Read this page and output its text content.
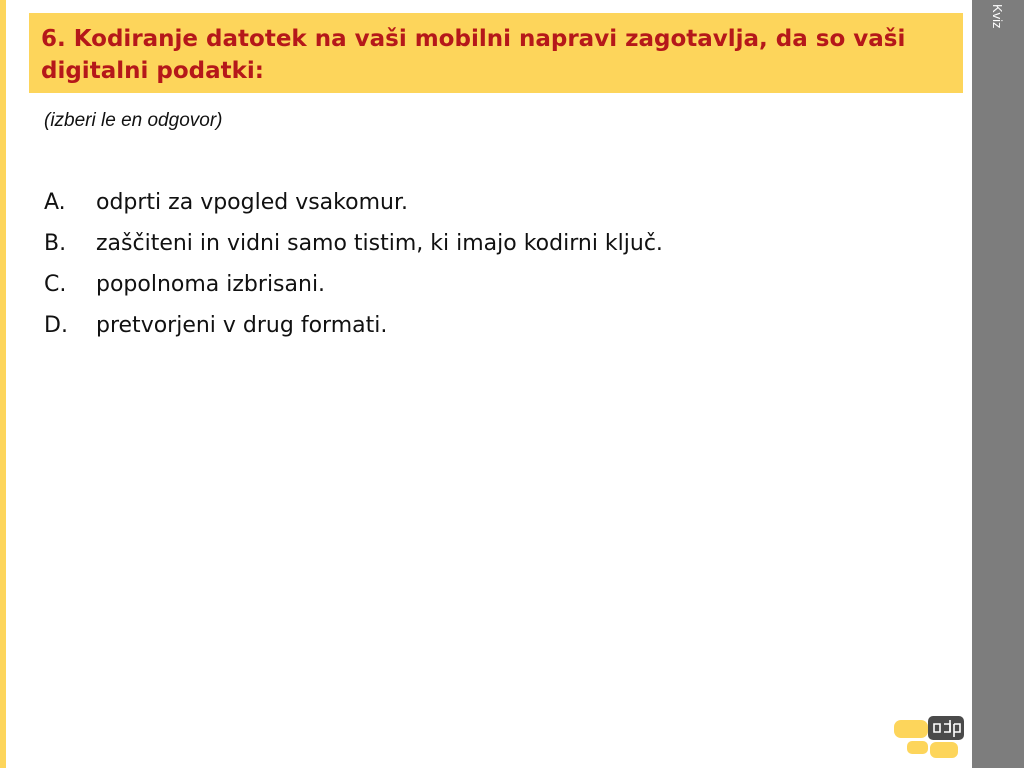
Kviz
6. Kodiranje datotek na vaši mobilni napravi zagotavlja, da so vaši digitalni podatki:

(izberi le en odgovor)

A.	odprti za vpogled vsakomur.
B.	zaščiteni in vidni samo tistim, ki imajo kodirni ključ.
C.	popolnoma izbrisani.
D.	pretvorjeni v drug formati.
